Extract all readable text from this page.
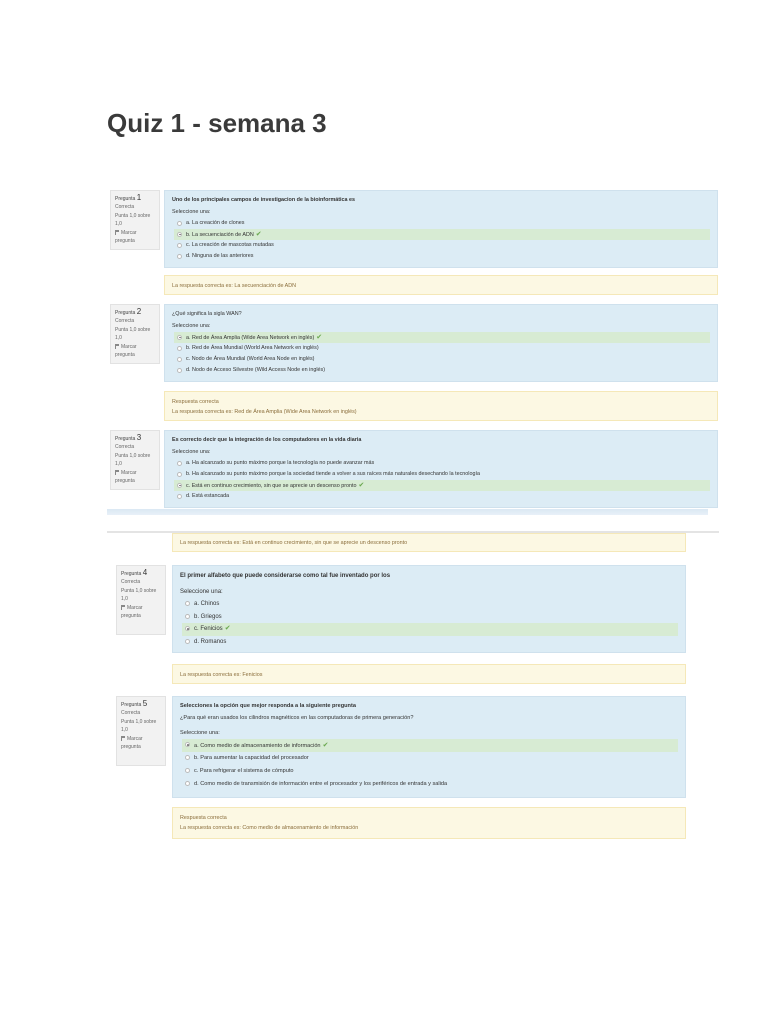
Quiz 1 - semana 3
Pregunta 1
Correcta
Punta 1,0 sobre 1,0
Marcar pregunta
Uno de los principales campos de investigacion de la bioinformática es
Seleccione una:
a. La creación de clones
b. La secuenciación de ADN ✔
c. La creación de mascotas mutadas
d. Ninguna de las anteriores
La respuesta correcta es: La secuenciación de ADN
Pregunta 2
Correcta
Punta 1,0 sobre 1,0
Marcar pregunta
¿Qué significa la sigla WAN?
Seleccione una:
a. Red de Área Amplia (Wide Area Network en inglés) ✔
b. Red de Área Mundial (World Area Network en inglés)
c. Nodo de Área Mundial (World Area Node en inglés)
d. Nodo de Acceso Silvestre (Wild Access Node en inglés)
Respuesta correcta
La respuesta correcta es: Red de Área Amplia (Wide Area Network en inglés)
Pregunta 3
Correcta
Punta 1,0 sobre 1,0
Marcar pregunta
Es correcto decir que la integración de los computadores en la vida diaria
Seleccione una:
a. Ha alcanzado su punto máximo porque la tecnología no puede avanzar más
b. Ha alcanzado su punto máximo porque la sociedad tiende a volver a sus raíces más naturales desechando la tecnología
c. Está en continuo crecimiento, sin que se aprecie un descenso pronto ✔
d. Está estancada
La respuesta correcta es: Está en continuo crecimiento, sin que se aprecie un descenso pronto
Pregunta 4
Correcta
Punta 1,0 sobre 1,0
Marcar pregunta
El primer alfabeto que puede considerarse como tal fue inventado por los
Seleccione una:
a. Chinos
b. Griegos
c. Fenicios ✔
d. Romanos
La respuesta correcta es: Fenicios
Pregunta 5
Correcta
Punta 1,0 sobre 1,0
Marcar pregunta
Selecciones la opción que mejor responda a la siguiente pregunta
¿Para qué eran usados los cilindros magnéticos en las computadoras de primera generación?
Seleccione una:
a. Como medio de almacenamiento de información ✔
b. Para aumentar la capacidad del procesador
c. Para refrigerar el sistema de cómputo
d. Como medio de transmisión de información entre el procesador y los periféricos de entrada y salida
Respuesta correcta
La respuesta correcta es: Como medio de almacenamiento de información
